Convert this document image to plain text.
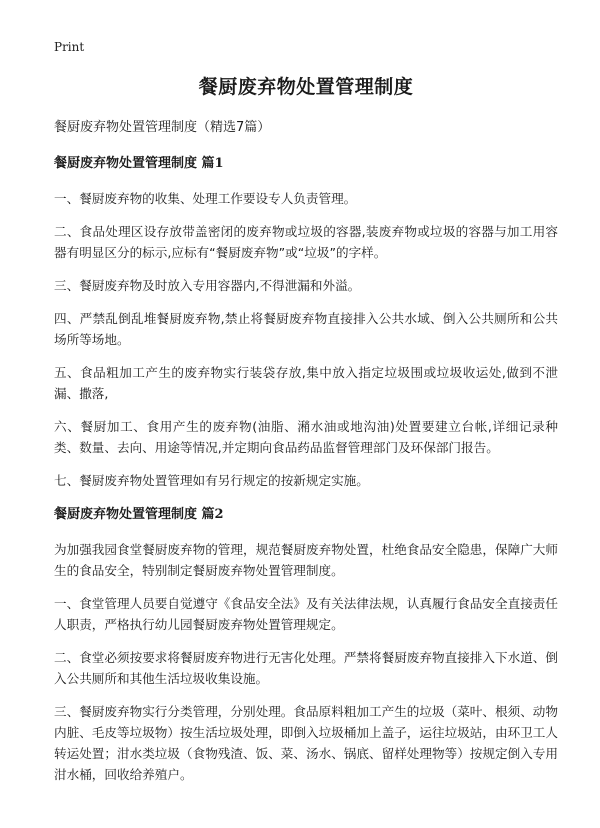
Print
餐厨废弃物处置管理制度
餐厨废弃物处置管理制度（精选7篇）
餐厨废弃物处置管理制度 篇1

一、餐厨废弃物的收集、处理工作要设专人负责管理。

二、食品处理区设存放带盖密闭的废弃物或垃圾的容器,装废弃物或垃圾的容器与加工用容器有明显区分的标示,应标有“餐厨废弃物”或“垃圾”的字样。

三、餐厨废弃物及时放入专用容器内,不得泄漏和外溢。

四、严禁乱倒乱堆餐厨废弃物,禁止将餐厨废弃物直接排入公共水域、倒入公共厕所和公共场所等场地。

五、食品粗加工产生的废弃物实行装袋存放,集中放入指定垃圾围或垃圾收运处,做到不泄漏、撒落,

六、餐厨加工、食用产生的废弃物(油脂、潲水油或地沟油)处置要建立台帐,详细记录种类、数量、去向、用途等情况,并定期向食品药品监督管理部门及环保部门报告。

七、餐厨废弃物处置管理如有另行规定的按新规定实施。

餐厨废弃物处置管理制度 篇2

为加强我园食堂餐厨废弃物的管理，规范餐厨废弃物处置，杜绝食品安全隐患，保障广大师生的食品安全，特别制定餐厨废弃物处置管理制度。

一、食堂管理人员要自觉遵守《食品安全法》及有关法律法规，认真履行食品安全直接责任人职责，严格执行幼儿园餐厨废弃物处置管理规定。

二、食堂必须按要求将餐厨废弃物进行无害化处理。严禁将餐厨废弃物直接排入下水道、倒入公共厕所和其他生活垃圾收集设施。

三、餐厨废弃物实行分类管理，分别处理。食品原料粗加工产生的垃圾（菜叶、根须、动物内脏、毛皮等垃圾物）按生活垃圾处理，即倒入垃圾桶加上盖子，运往垃圾站，由环卫工人转运处置；泔水类垃圾（食物残渣、饭、菜、汤水、锅底、留样处理物等）按规定倒入专用泔水桶，回收给养殖户。
